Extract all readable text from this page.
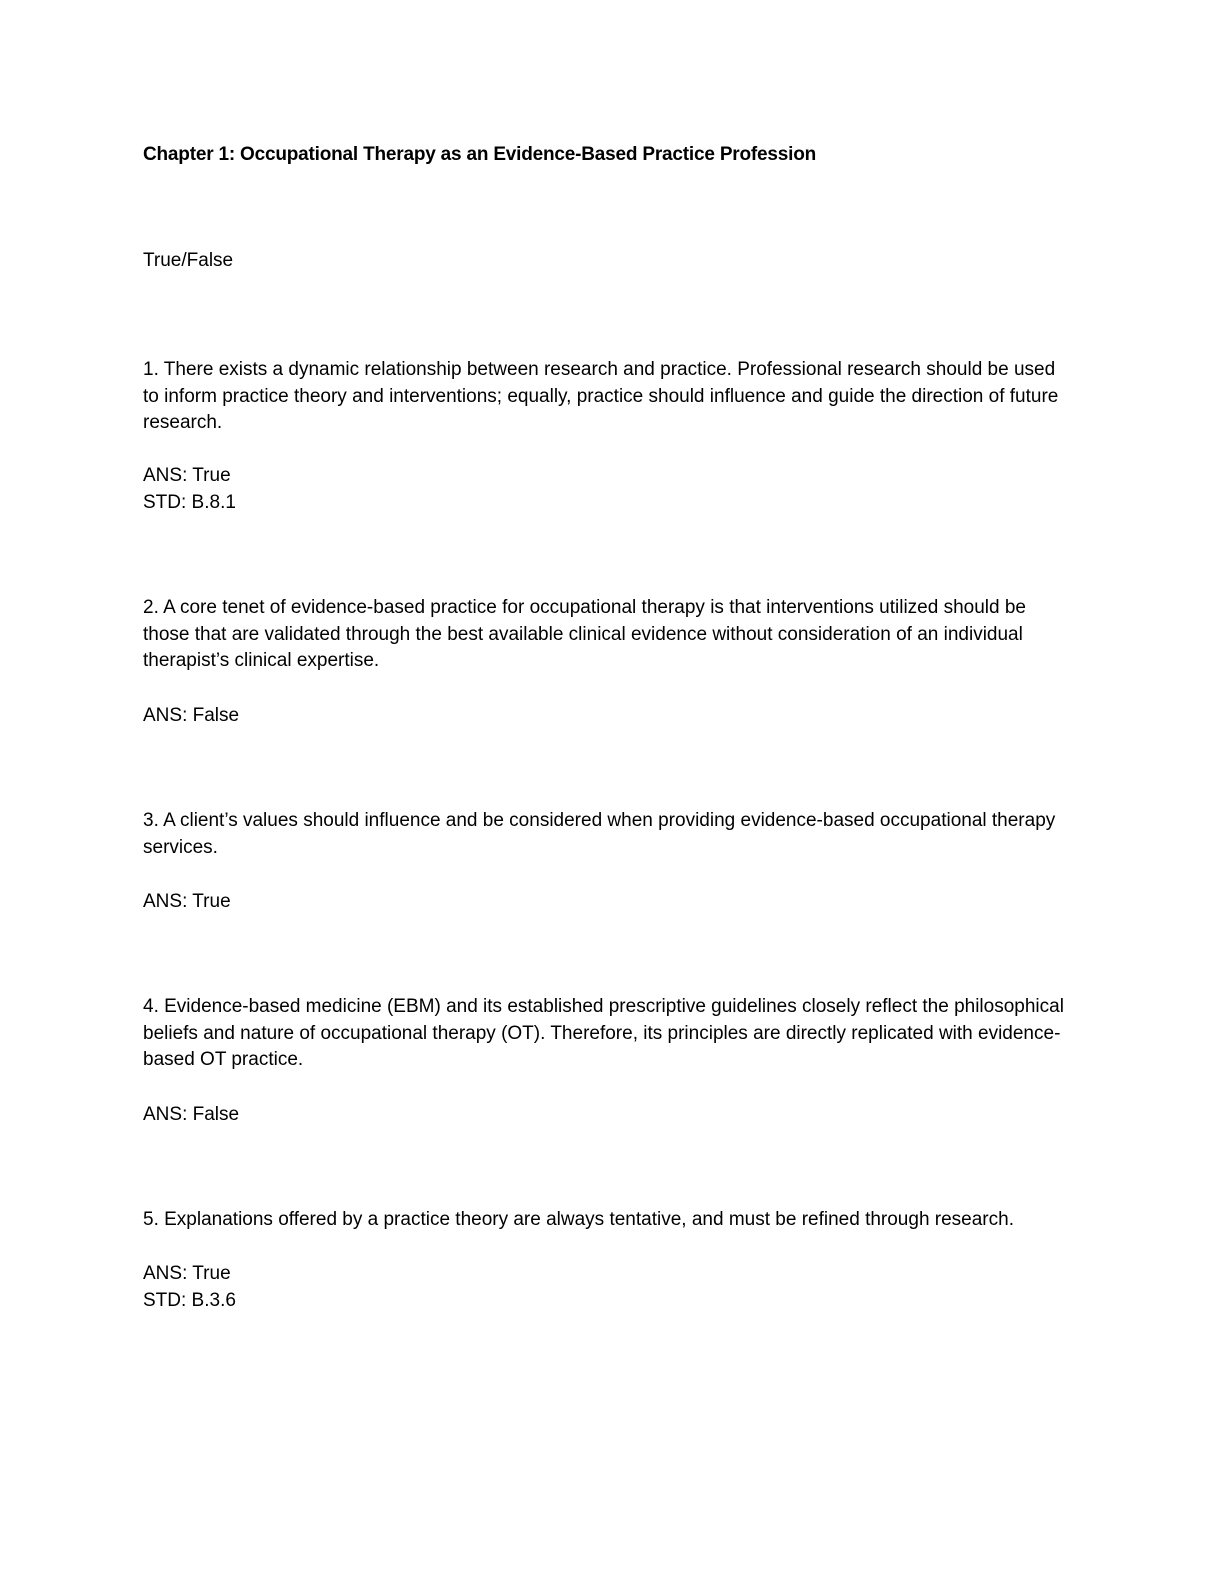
Chapter 1: Occupational Therapy as an Evidence-Based Practice Profession
True/False

1. There exists a dynamic relationship between research and practice. Professional research should be used to inform practice theory and interventions; equally, practice should influence and guide the direction of future research.

ANS: True
STD: B.8.1

2. A core tenet of evidence-based practice for occupational therapy is that interventions utilized should be those that are validated through the best available clinical evidence without consideration of an individual therapist’s clinical expertise.

ANS: False

3. A client’s values should influence and be considered when providing evidence-based occupational therapy services.

ANS: True

4. Evidence-based medicine (EBM) and its established prescriptive guidelines closely reflect the philosophical beliefs and nature of occupational therapy (OT). Therefore, its principles are directly replicated with evidence-based OT practice.

ANS: False

5. Explanations offered by a practice theory are always tentative, and must be refined through research.

ANS: True
STD: B.3.6
